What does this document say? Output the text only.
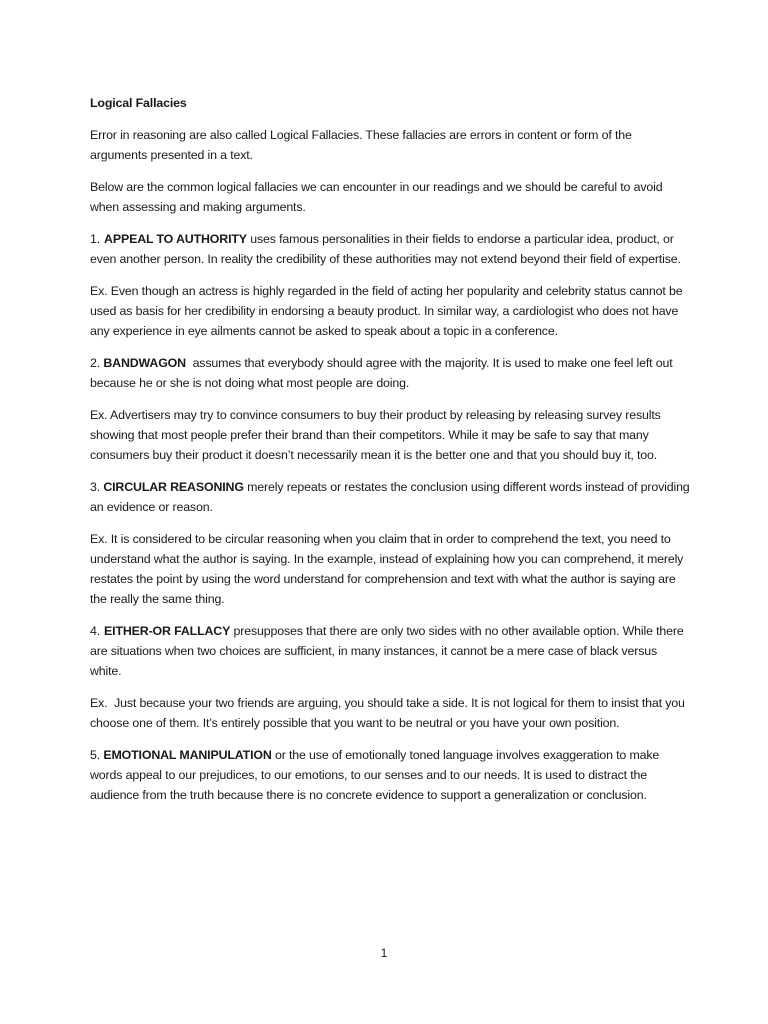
Logical Fallacies
Error in reasoning are also called Logical Fallacies. These fallacies are errors in content or form of the arguments presented in a text.
Below are the common logical fallacies we can encounter in our readings and we should be careful to avoid when assessing and making arguments.
1. APPEAL TO AUTHORITY uses famous personalities in their fields to endorse a particular idea, product, or even another person. In reality the credibility of these authorities may not extend beyond their field of expertise.
Ex. Even though an actress is highly regarded in the field of acting her popularity and celebrity status cannot be used as basis for her credibility in endorsing a beauty product. In similar way, a cardiologist who does not have any experience in eye ailments cannot be asked to speak about a topic in a conference.
2. BANDWAGON  assumes that everybody should agree with the majority. It is used to make one feel left out because he or she is not doing what most people are doing.
Ex. Advertisers may try to convince consumers to buy their product by releasing by releasing survey results showing that most people prefer their brand than their competitors. While it may be safe to say that many consumers buy their product it doesn’t necessarily mean it is the better one and that you should buy it, too.
3. CIRCULAR REASONING merely repeats or restates the conclusion using different words instead of providing an evidence or reason.
Ex. It is considered to be circular reasoning when you claim that in order to comprehend the text, you need to understand what the author is saying. In the example, instead of explaining how you can comprehend, it merely restates the point by using the word understand for comprehension and text with what the author is saying are the really the same thing.
4. EITHER-OR FALLACY presupposes that there are only two sides with no other available option. While there are situations when two choices are sufficient, in many instances, it cannot be a mere case of black versus white.
Ex.  Just because your two friends are arguing, you should take a side. It is not logical for them to insist that you choose one of them. It’s entirely possible that you want to be neutral or you have your own position.
5. EMOTIONAL MANIPULATION or the use of emotionally toned language involves exaggeration to make words appeal to our prejudices, to our emotions, to our senses and to our needs. It is used to distract the audience from the truth because there is no concrete evidence to support a generalization or conclusion.
1
